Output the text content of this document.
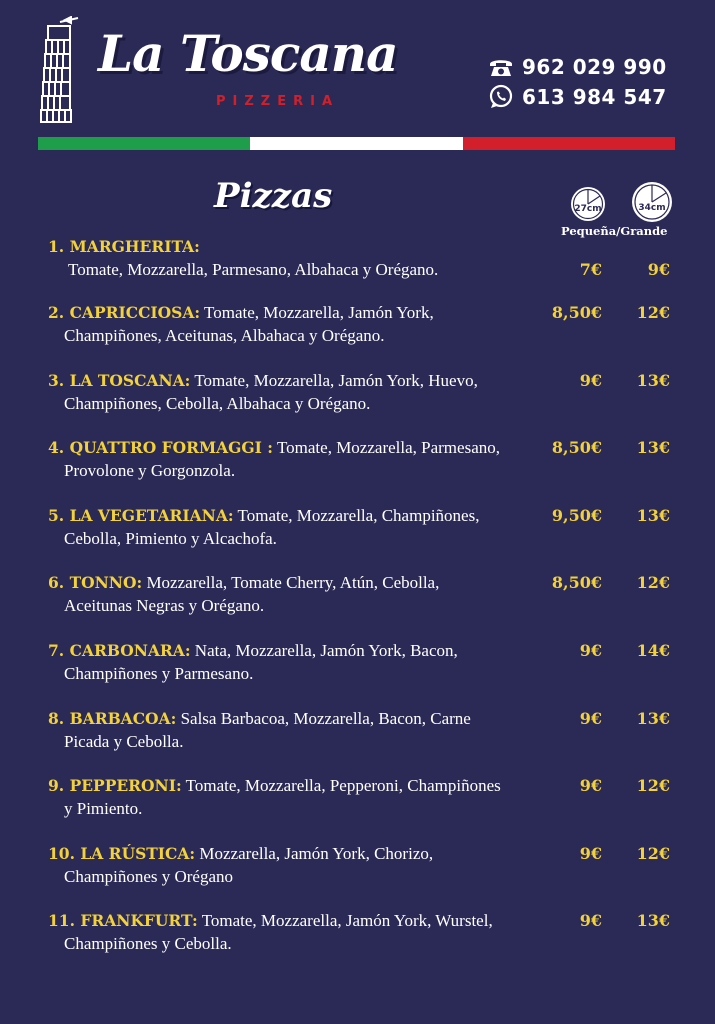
La Toscana
PIZZERIA
962 029 990
613 984 547
Pizzas	27cm	34cm
Pequeña/Grande
1. MARGHERITA:
Tomate, Mozzarella, Parmesano, Albahaca y Orégano.	7€	9€
2. CAPRICCIOSA: Tomate, Mozzarella, Jamón York,
Champiñones, Aceitunas, Albahaca y Orégano.
8,50€	12€
3. LA TOSCANA: Tomate, Mozzarella, Jamón York, Huevo,
Champiñones, Cebolla, Albahaca y Orégano.
9€	13€
4. QUATTRO FORMAGGI : Tomate, Mozzarella, Parmesano,
Provolone y Gorgonzola.
8,50€	13€
5. LA VEGETARIANA: Tomate, Mozzarella, Champiñones,
Cebolla, Pimiento y Alcachofa.
9,50€	13€
6. TONNO: Mozzarella, Tomate Cherry, Atún, Cebolla,
Aceitunas Negras y Orégano.
8,50€	12€
7. CARBONARA: Nata, Mozzarella, Jamón York, Bacon,
Champiñones y Parmesano.
9€	14€
8. BARBACOA: Salsa Barbacoa, Mozzarella, Bacon, Carne
Picada y Cebolla.
9€	13€
9. PEPPERONI: Tomate, Mozzarella, Pepperoni, Champiñones
y Pimiento.
9€	12€
10. LA RÚSTICA: Mozzarella, Jamón York, Chorizo,
Champiñones y Orégano
9€	12€
11. FRANKFURT: Tomate, Mozzarella, Jamón York, Wurstel,
Champiñones y Cebolla.
9€	13€
